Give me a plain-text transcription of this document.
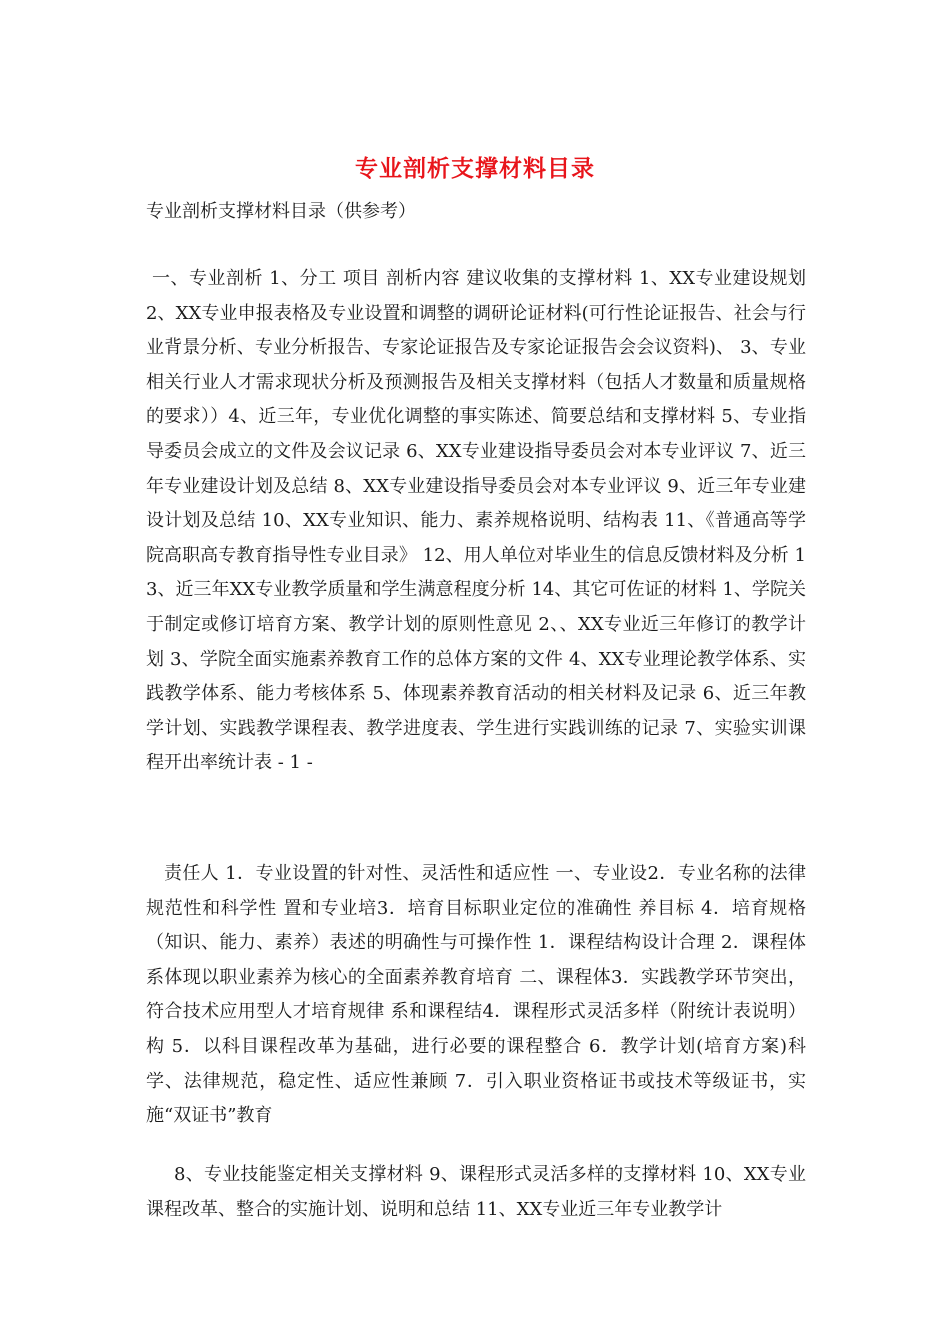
专业剖析支撑材料目录

专业剖析支撑材料目录（供参考）

一、专业剖析 1、分工 项目 剖析内容 建议收集的支撑材料 1、XX专业建设规划 2、XX专业申报表格及专业设置和调整的调研论证材料(可行性论证报告、社会与行业背景分析、专业分析报告、专家论证报告及专家论证报告会会议资料)、 3、专业相关行业人才需求现状分析及预测报告及相关支撑材料（包括人才数量和质量规格的要求））4、近三年，专业优化调整的事实陈述、简要总结和支撑材料 5、专业指导委员会成立的文件及会议记录 6、XX专业建设指导委员会对本专业评议 7、近三年专业建设计划及总结 8、XX专业建设指导委员会对本专业评议 9、近三年专业建设计划及总结 10、XX专业知识、能力、素养规格说明、结构表 11、《普通高等学院高职高专教育指导性专业目录》 12、用人单位对毕业生的信息反馈材料及分析 13、近三年XX专业教学质量和学生满意程度分析 14、其它可佐证的材料 1、学院关于制定或修订培育方案、教学计划的原则性意见 2、、XX专业近三年修订的教学计划 3、学院全面实施素养教育工作的总体方案的文件 4、XX专业理论教学体系、实践教学体系、能力考核体系 5、体现素养教育活动的相关材料及记录 6、近三年教学计划、实践教学课程表、教学进度表、学生进行实践训练的记录 7、实验实训课程开出率统计表 - 1 -

责任人 1．专业设置的针对性、灵活性和适应性 一、专业设2．专业名称的法律规范性和科学性 置和专业培3．培育目标职业定位的准确性 养目标 4．培育规格（知识、能力、素养）表述的明确性与可操作性 1．课程结构设计合理 2．课程体系体现以职业素养为核心的全面素养教育培育 二、课程体3．实践教学环节突出，符合技术应用型人才培育规律 系和课程结4．课程形式灵活多样（附统计表说明） 构 5．以科目课程改革为基础，进行必要的课程整合 6．教学计划(培育方案)科学、法律规范，稳定性、适应性兼顾 7．引入职业资格证书或技术等级证书，实施“双证书”教育

8、专业技能鉴定相关支撑材料 9、课程形式灵活多样的支撑材料 10、XX专业课程改革、整合的实施计划、说明和总结 11、XX专业近三年专业教学计
